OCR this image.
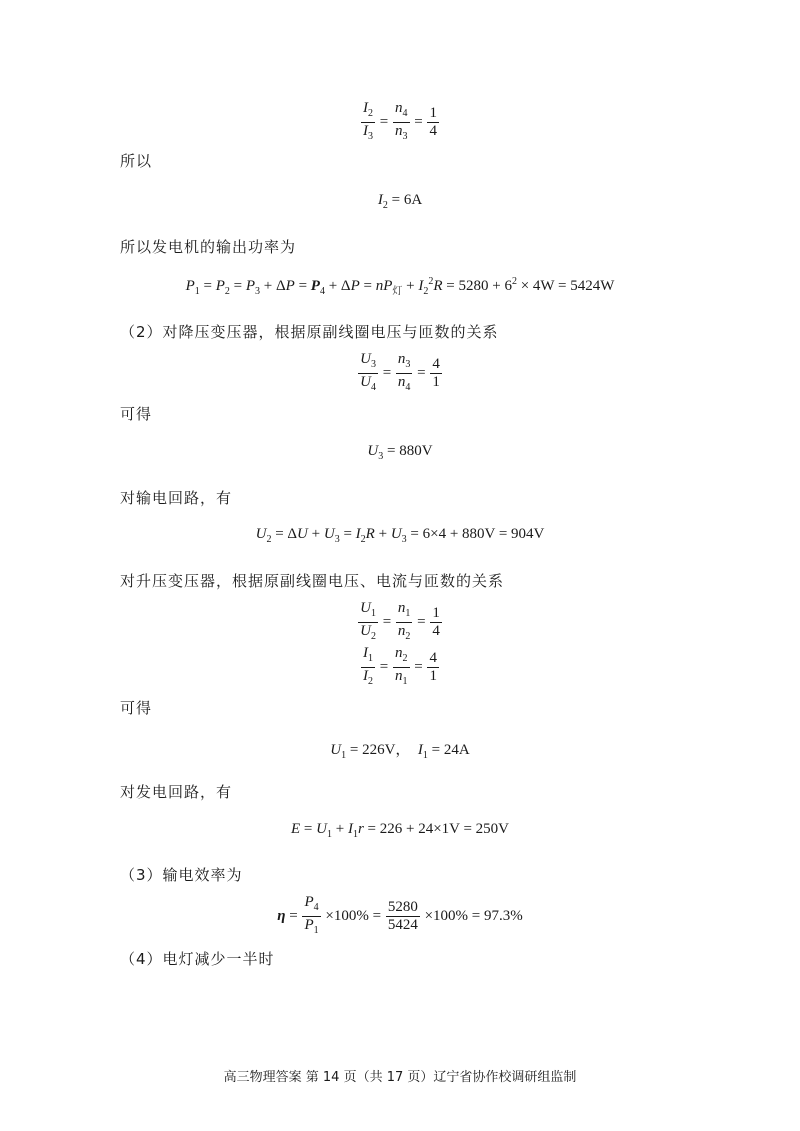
$\frac{I_2}{I_3} = \frac{n_4}{n_3} = \frac{1}{4}$
所以
$I_2 = 6A$
所以发电机的输出功率为
$P_1 = P_2 = P_3 + \Delta P = P_4 + \Delta P = nP_灯 + I_2^2R = 5280 + 6^2 \times 4W = 5424W$
（2）对降压变压器，根据原副线圈电压与匝数的关系
$\frac{U_3}{U_4} = \frac{n_3}{n_4} = \frac{4}{1}$
可得
$U_3 = 880V$
对输电回路，有
$U_2 = \Delta U + U_3 = I_2R + U_3 = 6\times 4 + 880V = 904V$
对升压变压器，根据原副线圈电压、电流与匝数的关系
$\frac{U_1}{U_2} = \frac{n_1}{n_2} = \frac{1}{4}$
$\frac{I_1}{I_2} = \frac{n_2}{n_1} = \frac{4}{1}$
可得
$U_1 = 226V$，  $I_1 = 24A$
对发电回路，有
$E = U_1 + I_1r = 226 + 24\times 1V = 250V$
（3）输电效率为
$\eta = \frac{P_4}{P_1} \times 100\% = \frac{5280}{5424} \times 100\% = 97.3\%$
（4）电灯减少一半时
高三物理答案 第 14 页（共 17 页）辽宁省协作校调研组监制
